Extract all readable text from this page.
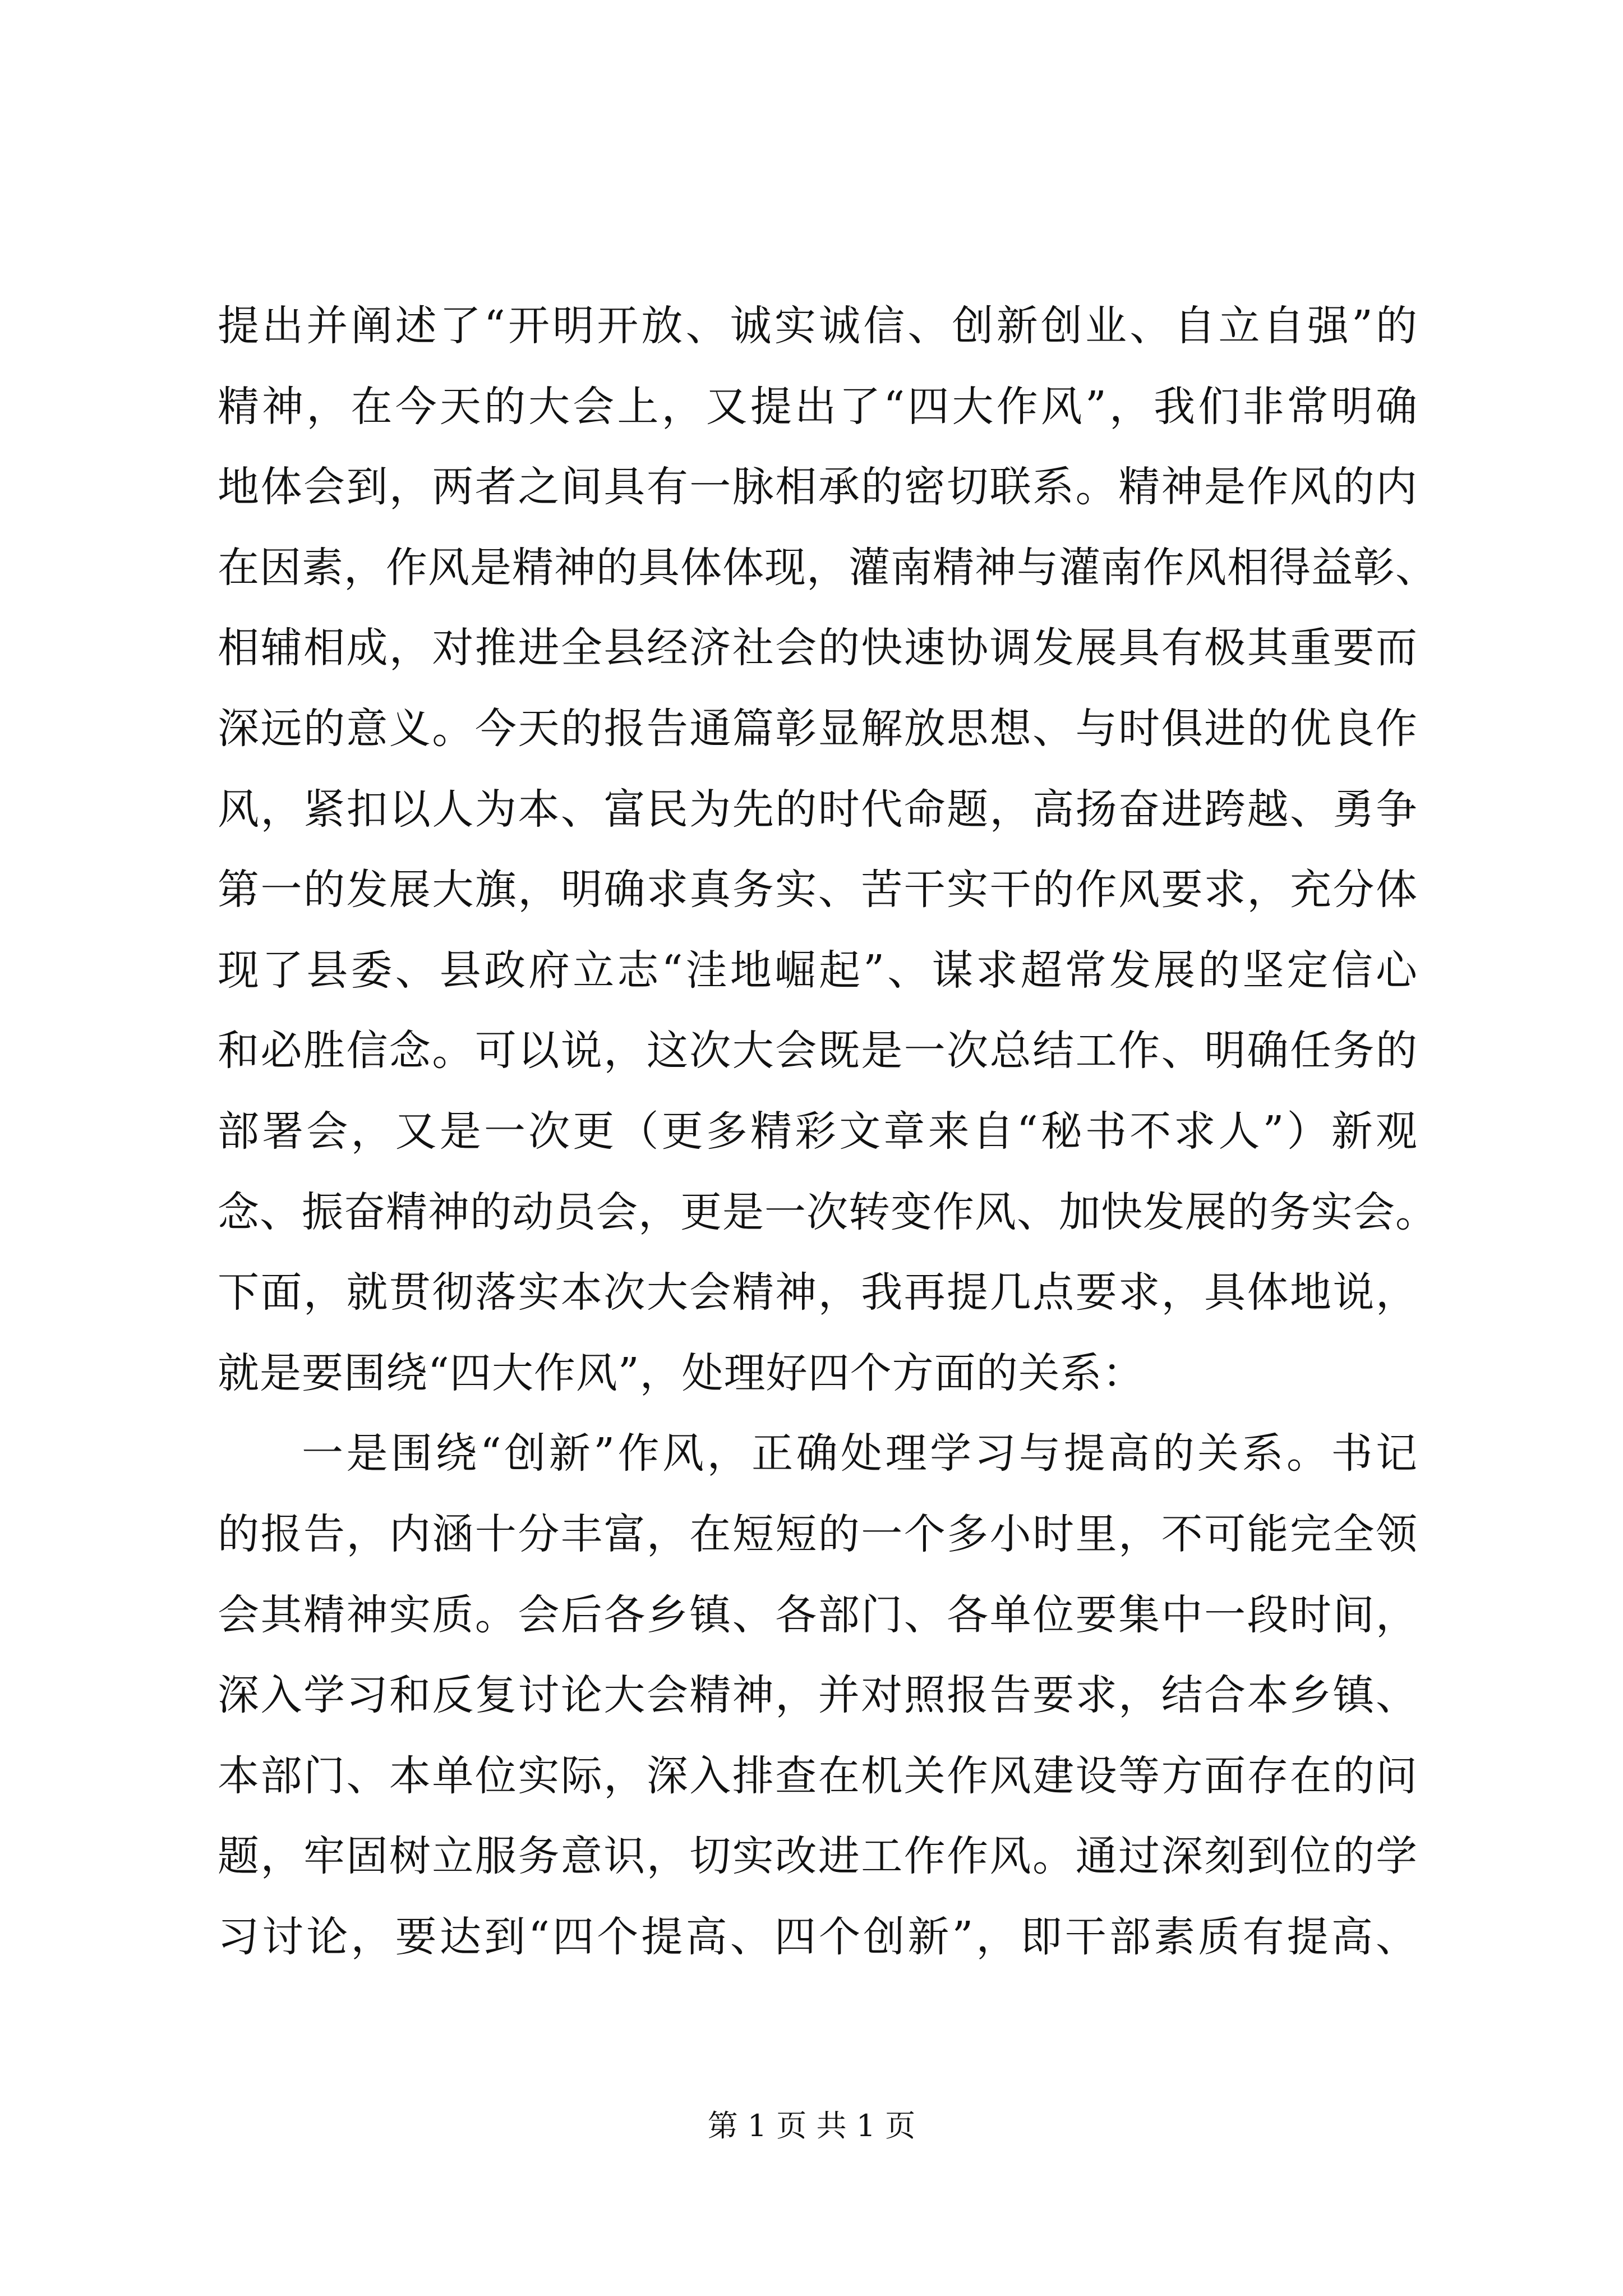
提出并阐述了“开明开放、诚实诚信、创新创业、自立自强”的
精神，在今天的大会上，又提出了“四大作风”，我们非常明确
地体会到，两者之间具有一脉相承的密切联系。精神是作风的内
在因素，作风是精神的具体体现，灌南精神与灌南作风相得益彰、
相辅相成，对推进全县经济社会的快速协调发展具有极其重要而
深远的意义。今天的报告通篇彰显解放思想、与时俱进的优良作
风，紧扣以人为本、富民为先的时代命题，高扬奋进跨越、勇争
第一的发展大旗，明确求真务实、苦干实干的作风要求，充分体
现了县委、县政府立志“洼地崛起”、谋求超常发展的坚定信心
和必胜信念。可以说，这次大会既是一次总结工作、明确任务的
部署会，又是一次更（更多精彩文章来自“秘书不求人”）新观
念、振奋精神的动员会，更是一次转变作风、加快发展的务实会。
下面，就贯彻落实本次大会精神，我再提几点要求，具体地说，
就是要围绕“四大作风”，处理好四个方面的关系：
一是围绕“创新”作风，正确处理学习与提高的关系。书记
的报告，内涵十分丰富，在短短的一个多小时里，不可能完全领
会其精神实质。会后各乡镇、各部门、各单位要集中一段时间，
深入学习和反复讨论大会精神，并对照报告要求，结合本乡镇、
本部门、本单位实际，深入排查在机关作风建设等方面存在的问
题，牢固树立服务意识，切实改进工作作风。通过深刻到位的学
习讨论，要达到“四个提高、四个创新”，即干部素质有提高、
第 1 页 共 1 页
